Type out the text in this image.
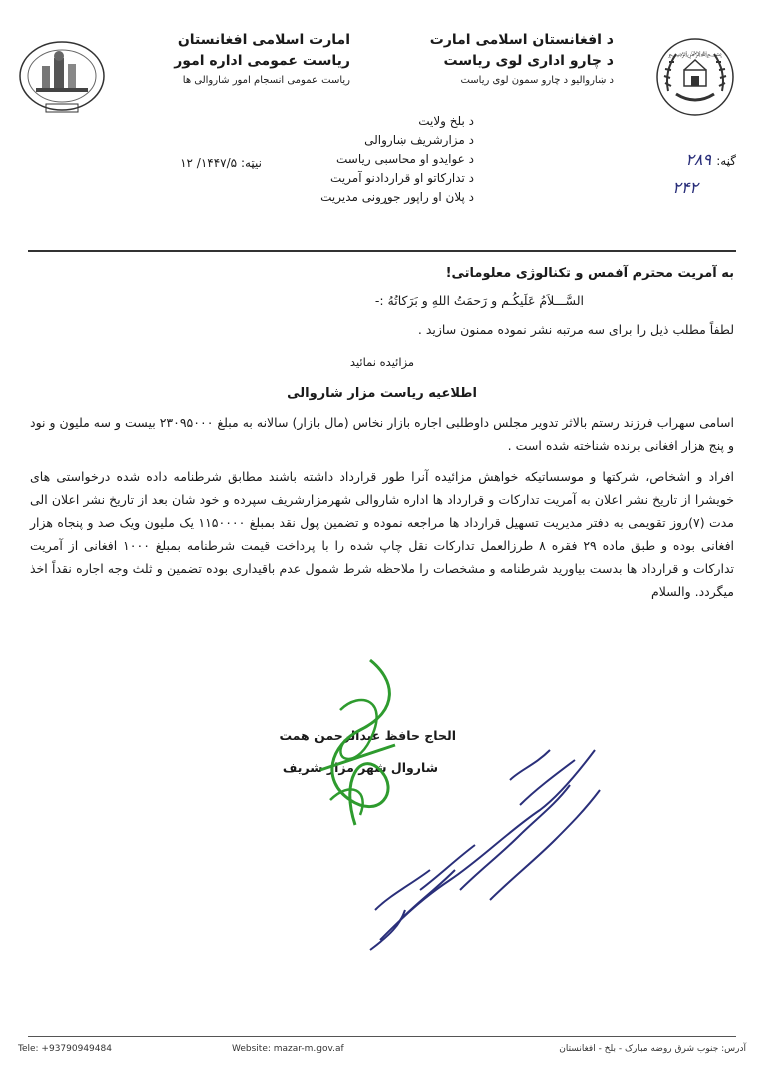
﷽
د افغانستان اسلامی امارت
د چارو اداری لوی ریاست
د ښاروالیو د چارو سمون لوی ریاست
امارت اسلامی افغانستان
ریاست عمومی اداره امور
ریاست عمومی انسجام امور شاروالی ها
د بلخ ولایت
د مزارشریف ښاروالی
د عوایدو او محاسبی ریاست
د تدارکاتو او قراردادنو آمریت
د پلان او راپور جوړونی مدیریت
گڼه: ۲۸۹
۲۴۲
نیټه: ۱۴۴۷/۵/ ۱۲
به آمریت محترم آفمس و تکنالوژی معلوماتی!
السَّـــلاَمُ عَلَیکُـم و رَحمَتُ اللهِ و بَرَکاتُهُ :-
لطفاً مطلب ذیل را برای سه مرتبه نشر نموده ممنون سازید .
مزائیده نمائید
اطلاعیه ریاست مزار شاروالی

اسامی سهراب فرزند رستم بالاثر تدویر مجلس داوطلبی اجاره بازار نخاس (مال بازار) سالانه به مبلغ ۲۳۰۹۵۰۰۰ بیست و سه ملیون و نود و پنج هزار افغانی برنده شناخته شده است .

افراد و اشخاص، شرکتها و موسساتیکه خواهش مزائیده آنرا طور قرارداد داشته باشند مطابق شرطنامه داده شده درخواستی های خویشرا از تاریخ نشر اعلان به آمریت تدارکات و قرارداد ها اداره شاروالی شهرمزارشریف سپرده و خود شان بعد از تاریخ نشر اعلان الی مدت (۷)روز تقویمی به دفتر مدیریت تسهیل قرارداد ها مراجعه نموده و تضمین پول نقد بمبلغ ۱۱۵۰۰۰۰ یک ملیون ویک صد و پنجاه هزار افغانی بوده و طبق ماده ۲۹ فقره ۸ طرزالعمل تدارکات نقل چاپ شده را با پرداخت قیمت شرطنامه بمبلغ ۱۰۰۰ افغانی از آمریت تدارکات و قرارداد ها بدست بیاورید شرطنامه و مشخصات را ملاحظه شرط شمول عدم باقیداری بوده تضمین و ثلث وجه اجاره نقداً اخذ میگردد. والسلام

الحاج حافظ عبدالرحمن همت
شاروال شهر مزار شریف
Tele: +93790949484	Website: mazar-m.gov.af	آدرس: جنوب شرق روضه مبارک - بلخ - افغانستان
